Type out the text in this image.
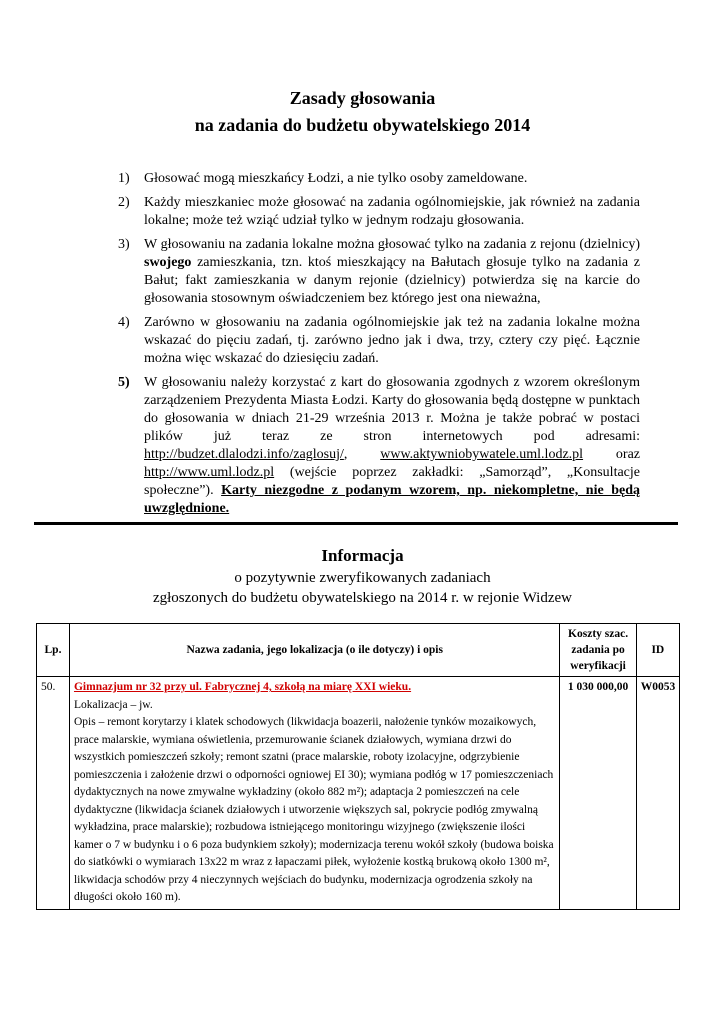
Zasady głosowania
na zadania do budżetu obywatelskiego 2014
1) Głosować mogą mieszkańcy Łodzi, a nie tylko osoby zameldowane.
2) Każdy mieszkaniec może głosować na zadania ogólnomiejskie, jak również na zadania lokalne; może też wziąć udział tylko w jednym rodzaju głosowania.
3) W głosowaniu na zadania lokalne można głosować tylko na zadania z rejonu (dzielnicy) swojego zamieszkania, tzn. ktoś mieszkający na Bałutach głosuje tylko na zadania z Bałut; fakt zamieszkania w danym rejonie (dzielnicy) potwierdza się na karcie do głosowania stosownym oświadczeniem bez którego jest ona nieważna,
4) Zarówno w głosowaniu na zadania ogólnomiejskie jak też na zadania lokalne można wskazać do pięciu zadań, tj. zarówno jedno jak i dwa, trzy, cztery czy pięć. Łącznie można więc wskazać do dziesięciu zadań.
5) W głosowaniu należy korzystać z kart do głosowania zgodnych z wzorem określonym zarządzeniem Prezydenta Miasta Łodzi. Karty do głosowania będą dostępne w punktach do głosowania w dniach 21-29 września 2013 r. Można je także pobrać w postaci plików już teraz ze stron internetowych pod adresami: http://budzet.dlalodzi.info/zaglosuj/, www.aktywniobywatele.uml.lodz.pl oraz http://www.uml.lodz.pl (wejście poprzez zakładki: „Samorząd”, „Konsultacje społeczne”). Karty niezgodne z podanym wzorem, np. niekompletne, nie będą uwzględnione.
Informacja
o pozytywnie zweryfikowanych zadaniach
zgłoszonych do budżetu obywatelskiego na 2014 r. w rejonie Widzew
Lp.	Nazwa zadania, jego lokalizacja (o ile dotyczy) i opis	Koszty szac. zadania po weryfikacji	ID
50.	Gimnazjum nr 32 przy ul. Fabrycznej 4, szkołą na miarę XXI wieku.
Lokalizacja – jw.
Opis – remont korytarzy i klatek schodowych (likwidacja boazerii, nałożenie tynków mozaikowych, prace malarskie, wymiana oświetlenia, przemurowanie ścianek działowych, wymiana drzwi do wszystkich pomieszczeń szkoły; remont szatni (prace malarskie, roboty izolacyjne, odgrzybienie pomieszczenia i założenie drzwi o odporności ogniowej EI 30); wymiana podłóg w 17 pomieszczeniach dydaktycznych na nowe zmywalne wykładziny (około 882 m²); adaptacja 2 pomieszczeń na cele dydaktyczne (likwidacja ścianek działowych i utworzenie większych sal, pokrycie podłóg zmywalną wykładzina, prace malarskie); rozbudowa istniejącego monitoringu wizyjnego (zwiększenie ilości kamer o 7 w budynku i o 6 poza budynkiem szkoły); modernizacja terenu wokół szkoły (budowa boiska do siatkówki o wymiarach 13x22 m wraz z łapaczami piłek, wyłożenie kostką brukową około 1300 m², likwidacja schodów przy 4 nieczynnych wejściach do budynku, modernizacja ogrodzenia szkoły na długości około 160 m).	1 030 000,00	W0053
